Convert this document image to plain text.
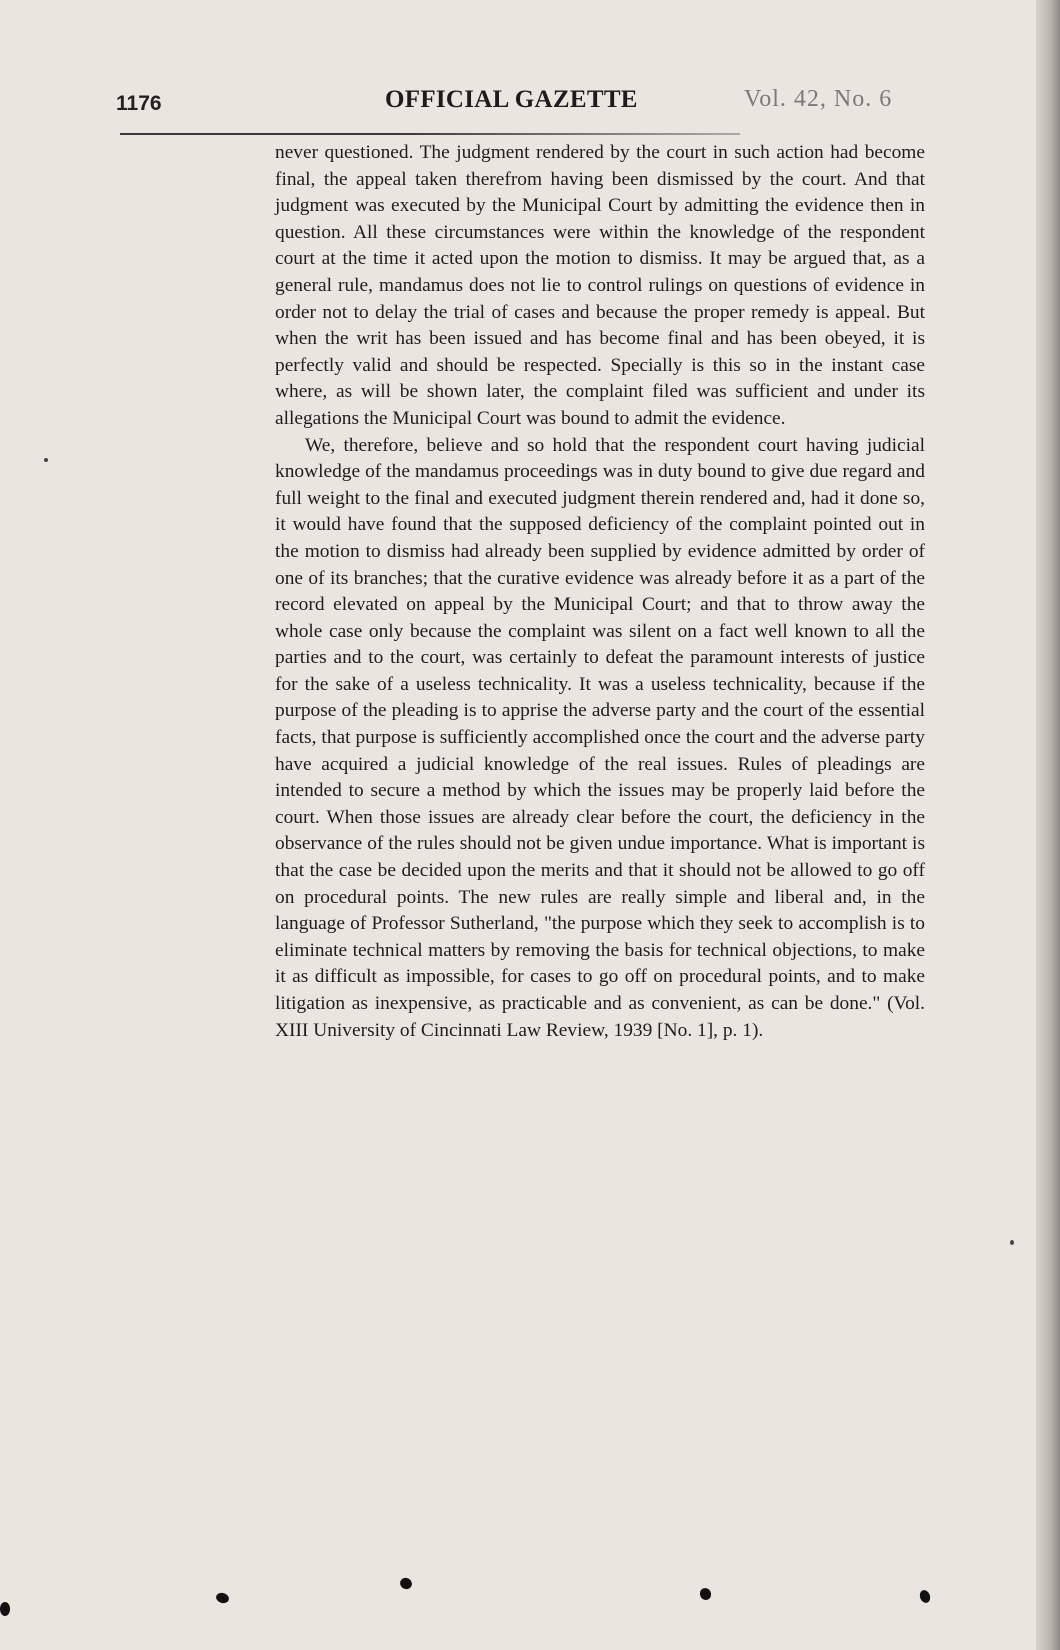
1176	OFFICIAL GAZETTE	Vol. 42, No. 6

never questioned. The judgment rendered by the court in such action had become final, the appeal taken therefrom having been dismissed by the court. And that judgment was executed by the Municipal Court by admitting the evidence then in question. All these circumstances were within the knowledge of the respondent court at the time it acted upon the motion to dismiss. It may be argued that, as a general rule, mandamus does not lie to control rulings on questions of evidence in order not to delay the trial of cases and because the proper remedy is appeal. But when the writ has been issued and has become final and has been obeyed, it is perfectly valid and should be respected. Specially is this so in the instant case where, as will be shown later, the complaint filed was sufficient and under its allegations the Municipal Court was bound to admit the evidence.

We, therefore, believe and so hold that the respondent court having judicial knowledge of the mandamus proceedings was in duty bound to give due regard and full weight to the final and executed judgment therein rendered and, had it done so, it would have found that the supposed deficiency of the complaint pointed out in the motion to dismiss had already been supplied by evidence admitted by order of one of its branches; that the curative evidence was already before it as a part of the record elevated on appeal by the Municipal Court; and that to throw away the whole case only because the complaint was silent on a fact well known to all the parties and to the court, was certainly to defeat the paramount interests of justice for the sake of a useless technicality. It was a useless technicality, because if the purpose of the pleading is to apprise the adverse party and the court of the essential facts, that purpose is sufficiently accomplished once the court and the adverse party have acquired a judicial knowledge of the real issues. Rules of pleadings are intended to secure a method by which the issues may be properly laid before the court. When those issues are already clear before the court, the deficiency in the observance of the rules should not be given undue importance. What is important is that the case be decided upon the merits and that it should not be allowed to go off on procedural points. The new rules are really simple and liberal and, in the language of Professor Sutherland, "the purpose which they seek to accomplish is to eliminate technical matters by removing the basis for technical objections, to make it as difficult as impossible, for cases to go off on procedural points, and to make litigation as inexpensive, as practicable and as convenient, as can be done." (Vol. XIII University of Cincinnati Law Review, 1939 [No. 1], p. 1).
